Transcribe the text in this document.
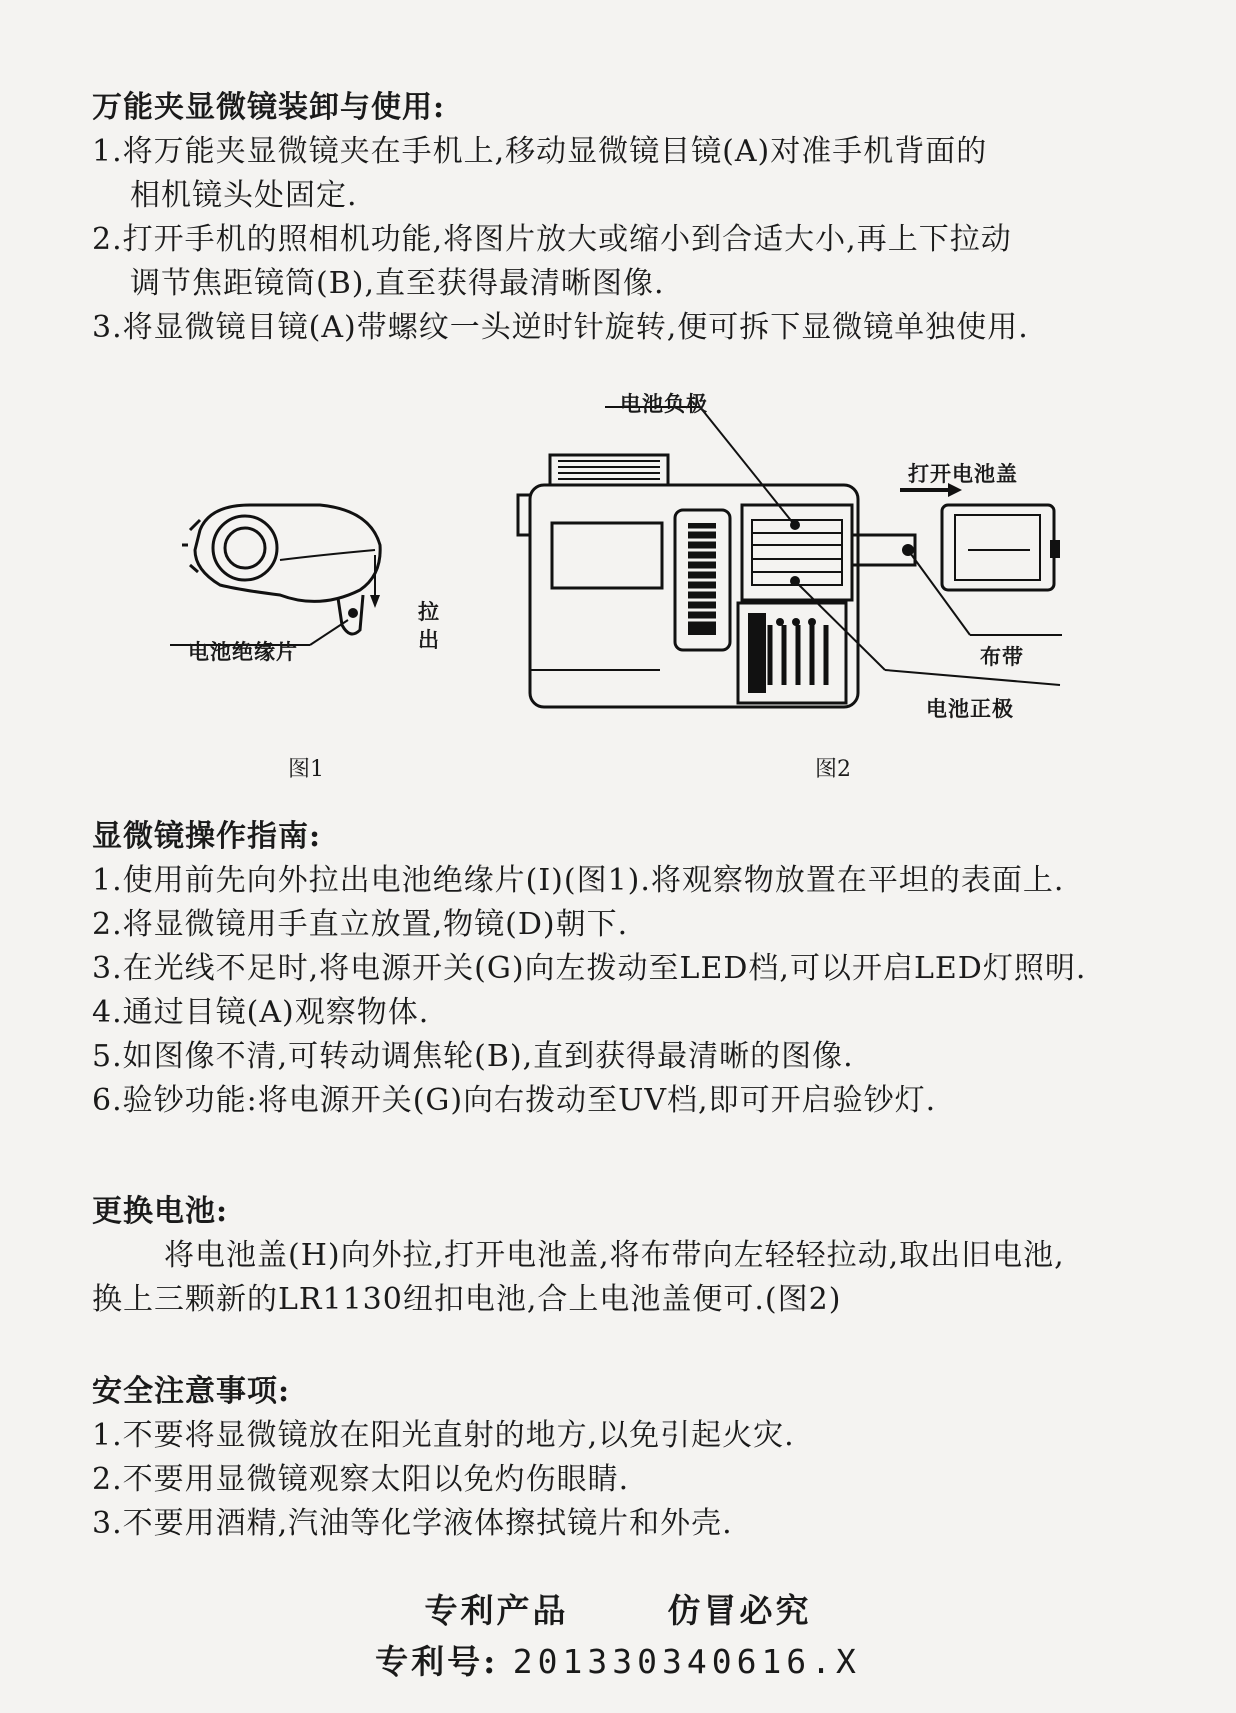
万能夹显微镜装卸与使用:
1.将万能夹显微镜夹在手机上,移动显微镜目镜(A)对准手机背面的
相机镜头处固定.
2.打开手机的照相机功能,将图片放大或缩小到合适大小,再上下拉动
调节焦距镜筒(B),直至获得最清晰图像.
3.将显微镜目镜(A)带螺纹一头逆时针旋转,便可拆下显微镜单独使用.
电池绝缘片
拉
出
图1
电池负极
打开电池盖
布带
电池正极
图2
显微镜操作指南:
1.使用前先向外拉出电池绝缘片(I)(图1).将观察物放置在平坦的表面上.
2.将显微镜用手直立放置,物镜(D)朝下.
3.在光线不足时,将电源开关(G)向左拨动至LED档,可以开启LED灯照明.
4.通过目镜(A)观察物体.
5.如图像不清,可转动调焦轮(B),直到获得最清晰的图像.
6.验钞功能:将电源开关(G)向右拨动至UV档,即可开启验钞灯.
更换电池:
将电池盖(H)向外拉,打开电池盖,将布带向左轻轻拉动,取出旧电池,
换上三颗新的LR1130纽扣电池,合上电池盖便可.(图2)
安全注意事项:
1.不要将显微镜放在阳光直射的地方,以免引起火灾.
2.不要用显微镜观察太阳以免灼伤眼睛.
3.不要用酒精,汽油等化学液体擦拭镜片和外壳.
专利产品	仿冒必究
专利号: 201330340616.X
